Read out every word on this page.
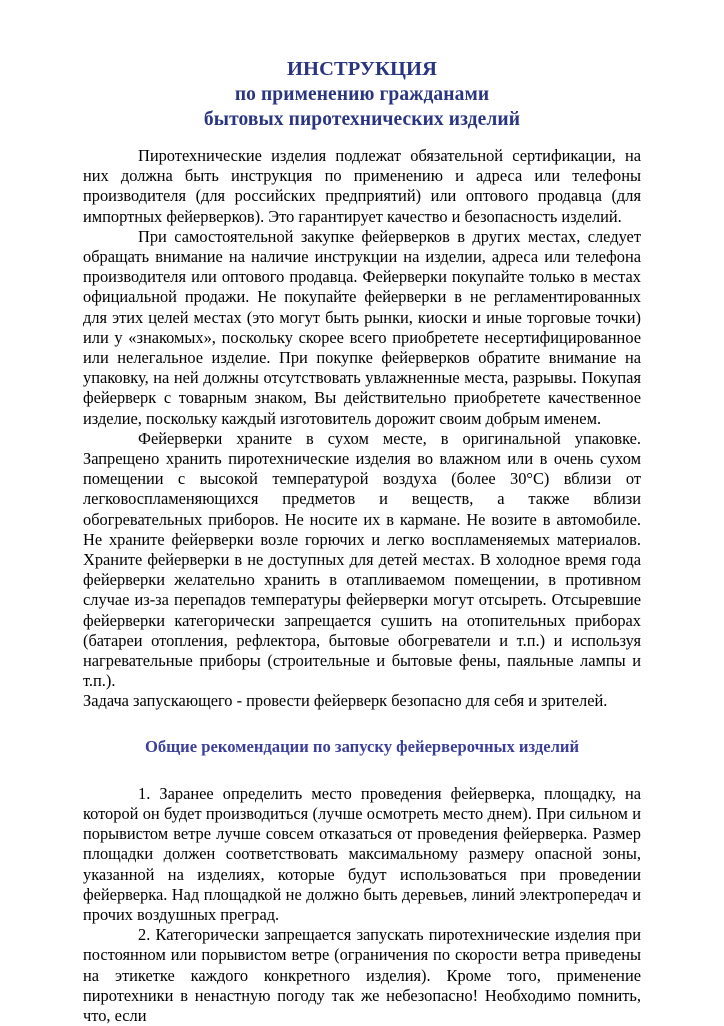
ИНСТРУКЦИЯ
по применению гражданами
бытовых пиротехнических изделий

Пиротехнические изделия подлежат обязательной сертификации, на них должна быть инструкция по применению и адреса или телефоны производителя (для российских предприятий) или оптового продавца (для импортных фейерверков). Это гарантирует качество и безопасность изделий.

При самостоятельной закупке фейерверков в других местах, следует обращать внимание на наличие инструкции на изделии, адреса или телефона производителя или оптового продавца. Фейерверки покупайте только в местах официальной продажи. Не покупайте фейерверки в не регламентированных для этих целей местах (это могут быть рынки, киоски и иные торговые точки) или у «знакомых», поскольку скорее всего приобретете несертифицированное или нелегальное изделие. При покупке фейерверков обратите внимание на упаковку, на ней должны отсутствовать увлажненные места, разрывы. Покупая фейерверк с товарным знаком, Вы действительно приобретете качественное изделие, поскольку каждый изготовитель дорожит своим добрым именем.

Фейерверки храните в сухом месте, в оригинальной упаковке. Запрещено хранить пиротехнические изделия во влажном или в очень сухом помещении с высокой температурой воздуха (более 30°С) вблизи от легковоспламеняющихся предметов и веществ, а также вблизи обогревательных приборов. Не носите их в кармане. Не возите в автомобиле. Не храните фейерверки возле горючих и легко воспламеняемых материалов. Храните фейерверки в не доступных для детей местах. В холодное время года фейерверки желательно хранить в отапливаемом помещении, в противном случае из-за перепадов температуры фейерверки могут отсыреть. Отсыревшие фейерверки категорически запрещается сушить на отопительных приборах (батареи отопления, рефлектора, бытовые обогреватели и т.п.) и используя нагревательные приборы (строительные и бытовые фены, паяльные лампы и т.п.).

Задача запускающего - провести фейерверк безопасно для себя и зрителей.

Общие рекомендации по запуску фейерверочных изделий

1. Заранее определить место проведения фейерверка, площадку, на которой он будет производиться (лучше осмотреть место днем). При сильном и порывистом ветре лучше совсем отказаться от проведения фейерверка. Размер площадки должен соответствовать максимальному размеру опасной зоны, указанной на изделиях, которые будут использоваться при проведении фейерверка. Над площадкой не должно быть деревьев, линий электропередач и прочих воздушных преград.

2. Категорически запрещается запускать пиротехнические изделия при постоянном или порывистом ветре (ограничения по скорости ветра приведены на этикетке каждого конкретного изделия). Кроме того, применение пиротехники в ненастную погоду так же небезопасно! Необходимо помнить, что, если
